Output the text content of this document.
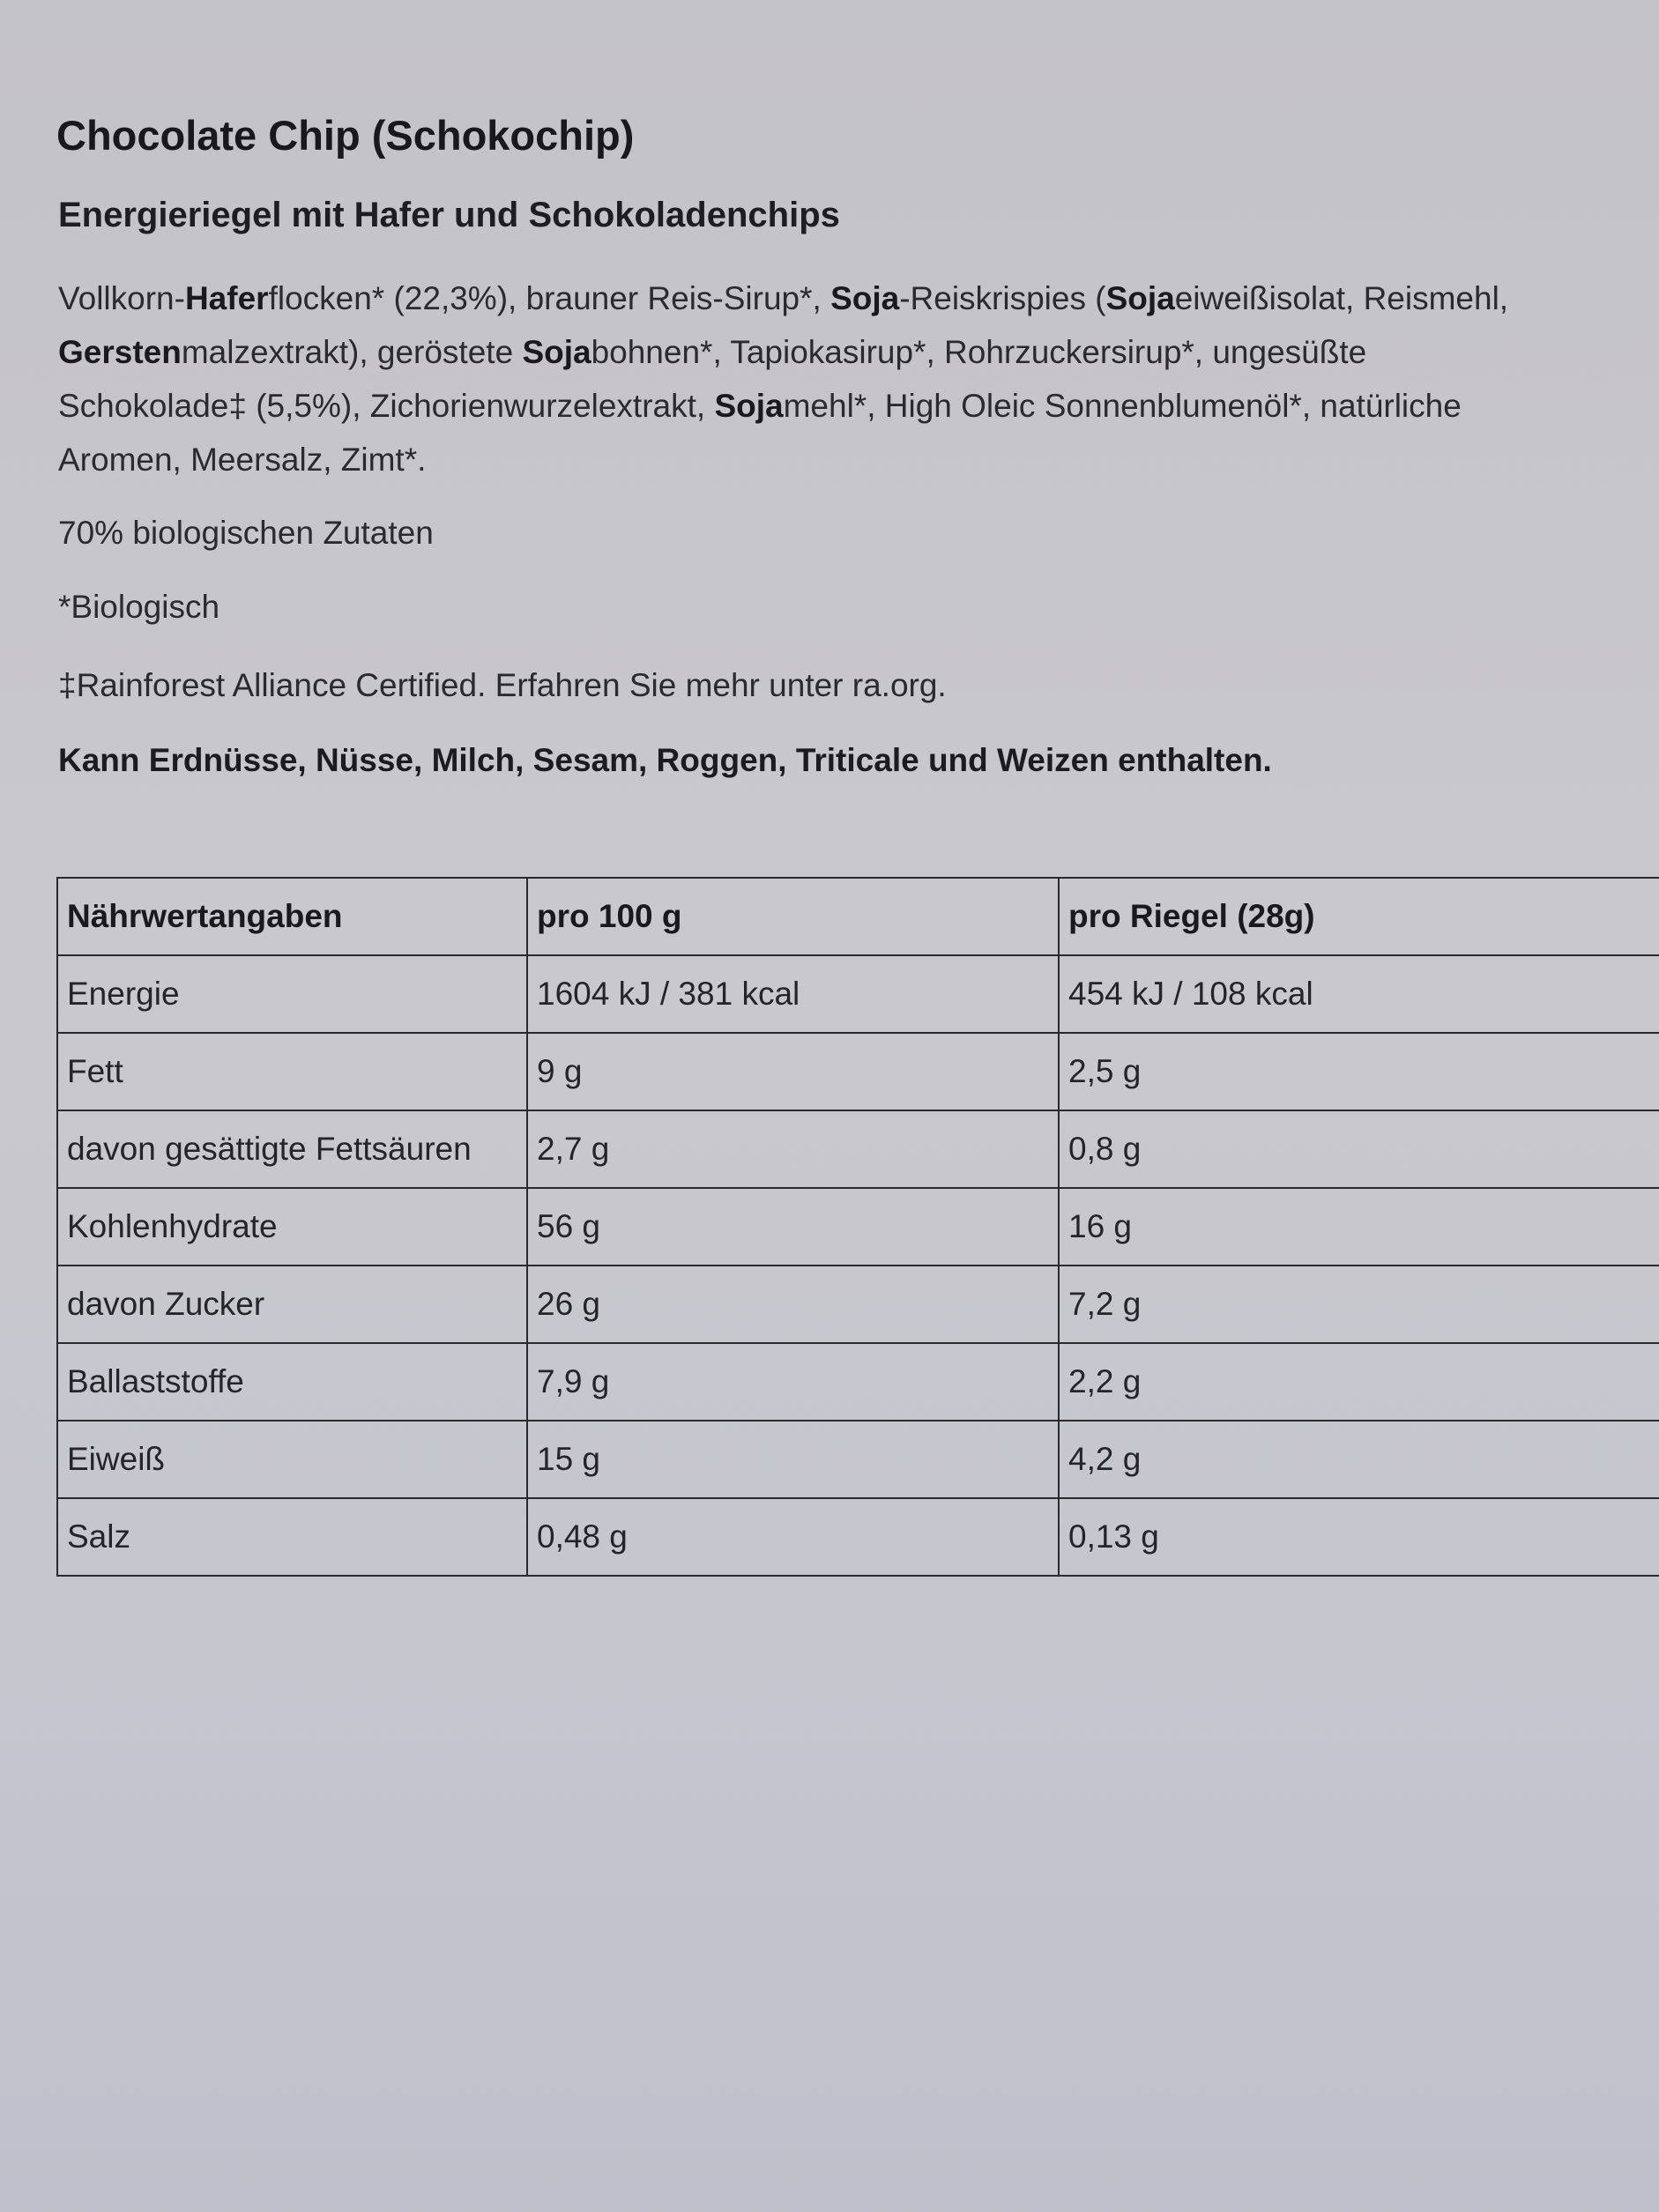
Chocolate Chip (Schokochip)
Energieriegel mit Hafer und Schokoladenchips
Vollkorn-Haferflocken* (22,3%), brauner Reis-Sirup*, Soja-Reiskrispies (Sojaeiweißisolat, Reismehl,
Gerstenmalzextrakt), geröstete Sojabohnen*, Tapiokasirup*, Rohrzuckersirup*, ungesüßte
Schokolade‡ (5,5%), Zichorienwurzelextrakt, Sojamehl*, High Oleic Sonnenblumenöl*, natürliche
Aromen, Meersalz, Zimt*.
70% biologischen Zutaten
*Biologisch
‡Rainforest Alliance Certified. Erfahren Sie mehr unter ra.org.
Kann Erdnüsse, Nüsse, Milch, Sesam, Roggen, Triticale und Weizen enthalten.
Nährwertangaben	pro 100 g	pro Riegel (28g)
Energie	1604 kJ / 381 kcal	454 kJ / 108 kcal
Fett	9 g	2,5 g
davon gesättigte Fettsäuren	2,7 g	0,8 g
Kohlenhydrate	56 g	16 g
davon Zucker	26 g	7,2 g
Ballaststoffe	7,9 g	2,2 g
Eiweiß	15 g	4,2 g
Salz	0,48 g	0,13 g
